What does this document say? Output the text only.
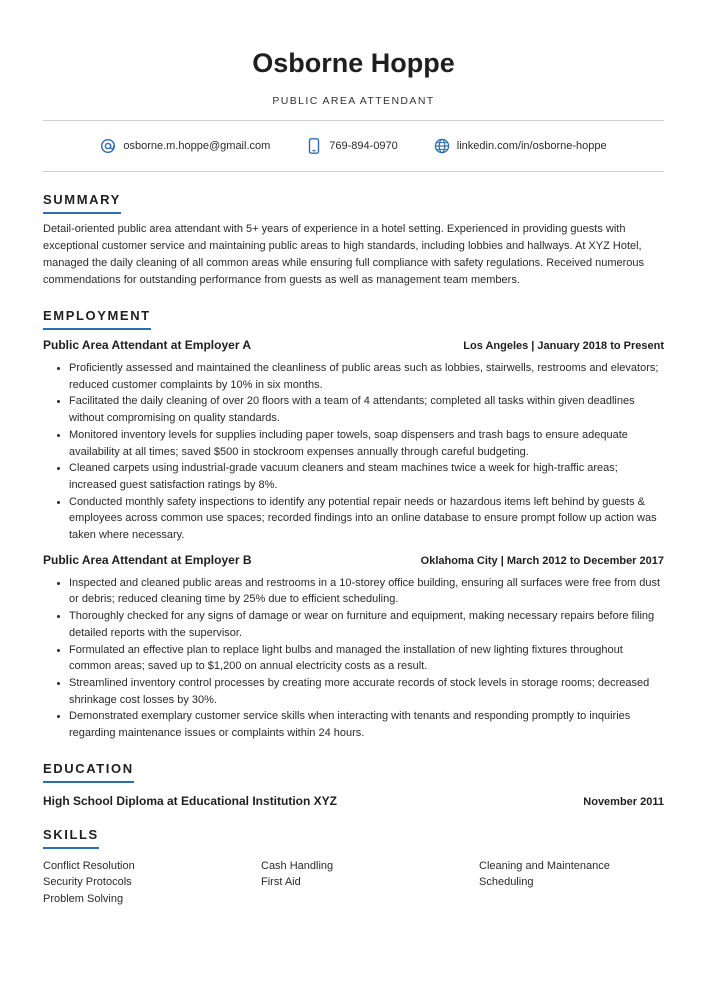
Osborne Hoppe
PUBLIC AREA ATTENDANT
osborne.m.hoppe@gmail.com	769-894-0970	linkedin.com/in/osborne-hoppe
SUMMARY
Detail-oriented public area attendant with 5+ years of experience in a hotel setting. Experienced in providing guests with exceptional customer service and maintaining public areas to high standards, including lobbies and hallways. At XYZ Hotel, managed the daily cleaning of all common areas while ensuring full compliance with safety regulations. Received numerous commendations for outstanding performance from guests as well as management team members.
EMPLOYMENT
Public Area Attendant at Employer A	Los Angeles | January 2018 to Present
• Proficiently assessed and maintained the cleanliness of public areas such as lobbies, stairwells, restrooms and elevators; reduced customer complaints by 10% in six months.
• Facilitated the daily cleaning of over 20 floors with a team of 4 attendants; completed all tasks within given deadlines without compromising on quality standards.
• Monitored inventory levels for supplies including paper towels, soap dispensers and trash bags to ensure adequate availability at all times; saved $500 in stockroom expenses annually through careful budgeting.
• Cleaned carpets using industrial-grade vacuum cleaners and steam machines twice a week for high-traffic areas; increased guest satisfaction ratings by 8%.
• Conducted monthly safety inspections to identify any potential repair needs or hazardous items left behind by guests & employees across common use spaces; recorded findings into an online database to ensure prompt follow up action was taken where necessary.
Public Area Attendant at Employer B	Oklahoma City | March 2012 to December 2017
• Inspected and cleaned public areas and restrooms in a 10-storey office building, ensuring all surfaces were free from dust or debris; reduced cleaning time by 25% due to efficient scheduling.
• Thoroughly checked for any signs of damage or wear on furniture and equipment, making necessary repairs before filing detailed reports with the supervisor.
• Formulated an effective plan to replace light bulbs and managed the installation of new lighting fixtures throughout common areas; saved up to $1,200 on annual electricity costs as a result.
• Streamlined inventory control processes by creating more accurate records of stock levels in storage rooms; decreased shrinkage cost losses by 30%.
• Demonstrated exemplary customer service skills when interacting with tenants and responding promptly to inquiries regarding maintenance issues or complaints within 24 hours.
EDUCATION
High School Diploma at Educational Institution XYZ	November 2011
SKILLS
Conflict Resolution	Cash Handling	Cleaning and Maintenance
Security Protocols	First Aid	Scheduling
Problem Solving
